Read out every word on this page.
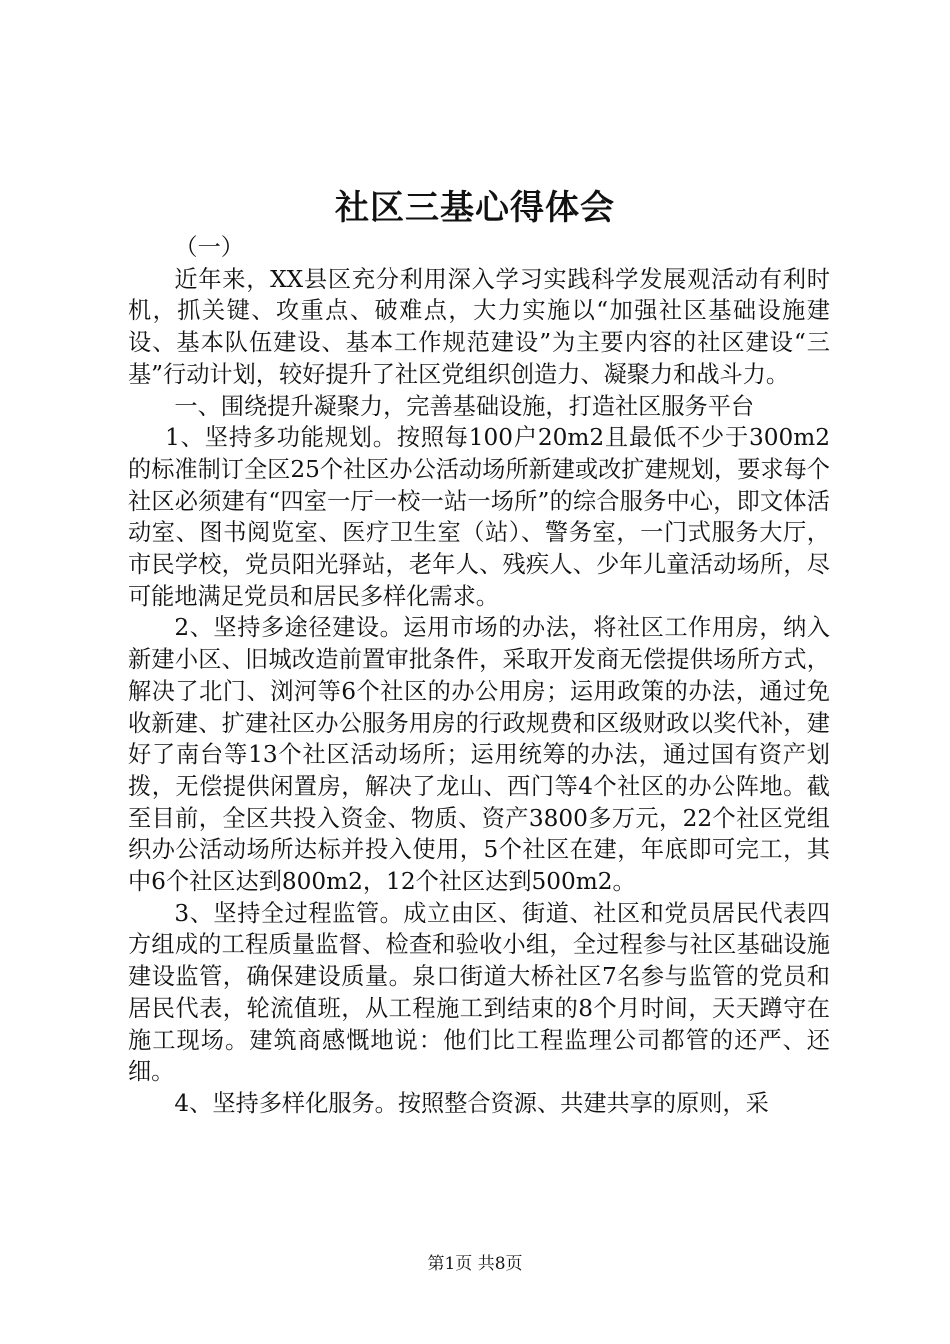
社区三基心得体会

（一）

近年来，XX县区充分利用深入学习实践科学发展观活动有利时机，抓关键、攻重点、破难点，大力实施以“加强社区基础设施建设、基本队伍建设、基本工作规范建设”为主要内容的社区建设“三基”行动计划，较好提升了社区党组织创造力、凝聚力和战斗力。

一、围绕提升凝聚力，完善基础设施，打造社区服务平台

1、坚持多功能规划。按照每100户20m2且最低不少于300m2的标准制订全区25个社区办公活动场所新建或改扩建规划，要求每个社区必须建有“四室一厅一校一站一场所”的综合服务中心，即文体活动室、图书阅览室、医疗卫生室（站）、警务室，一门式服务大厅，市民学校，党员阳光驿站，老年人、残疾人、少年儿童活动场所，尽可能地满足党员和居民多样化需求。

2、坚持多途径建设。运用市场的办法，将社区工作用房，纳入新建小区、旧城改造前置审批条件，采取开发商无偿提供场所方式，解决了北门、浏河等6个社区的办公用房；运用政策的办法，通过免收新建、扩建社区办公服务用房的行政规费和区级财政以奖代补，建好了南台等13个社区活动场所；运用统筹的办法，通过国有资产划拨，无偿提供闲置房，解决了龙山、西门等4个社区的办公阵地。截至目前，全区共投入资金、物质、资产3800多万元，22个社区党组织办公活动场所达标并投入使用，5个社区在建，年底即可完工，其中6个社区达到800m2，12个社区达到500m2。

3、坚持全过程监管。成立由区、街道、社区和党员居民代表四方组成的工程质量监督、检查和验收小组，全过程参与社区基础设施建设监管，确保建设质量。泉口街道大桥社区7名参与监管的党员和居民代表，轮流值班，从工程施工到结束的8个月时间，天天蹲守在施工现场。建筑商感慨地说：他们比工程监理公司都管的还严、还细。

4、坚持多样化服务。按照整合资源、共建共享的原则，采

第1页 共8页
